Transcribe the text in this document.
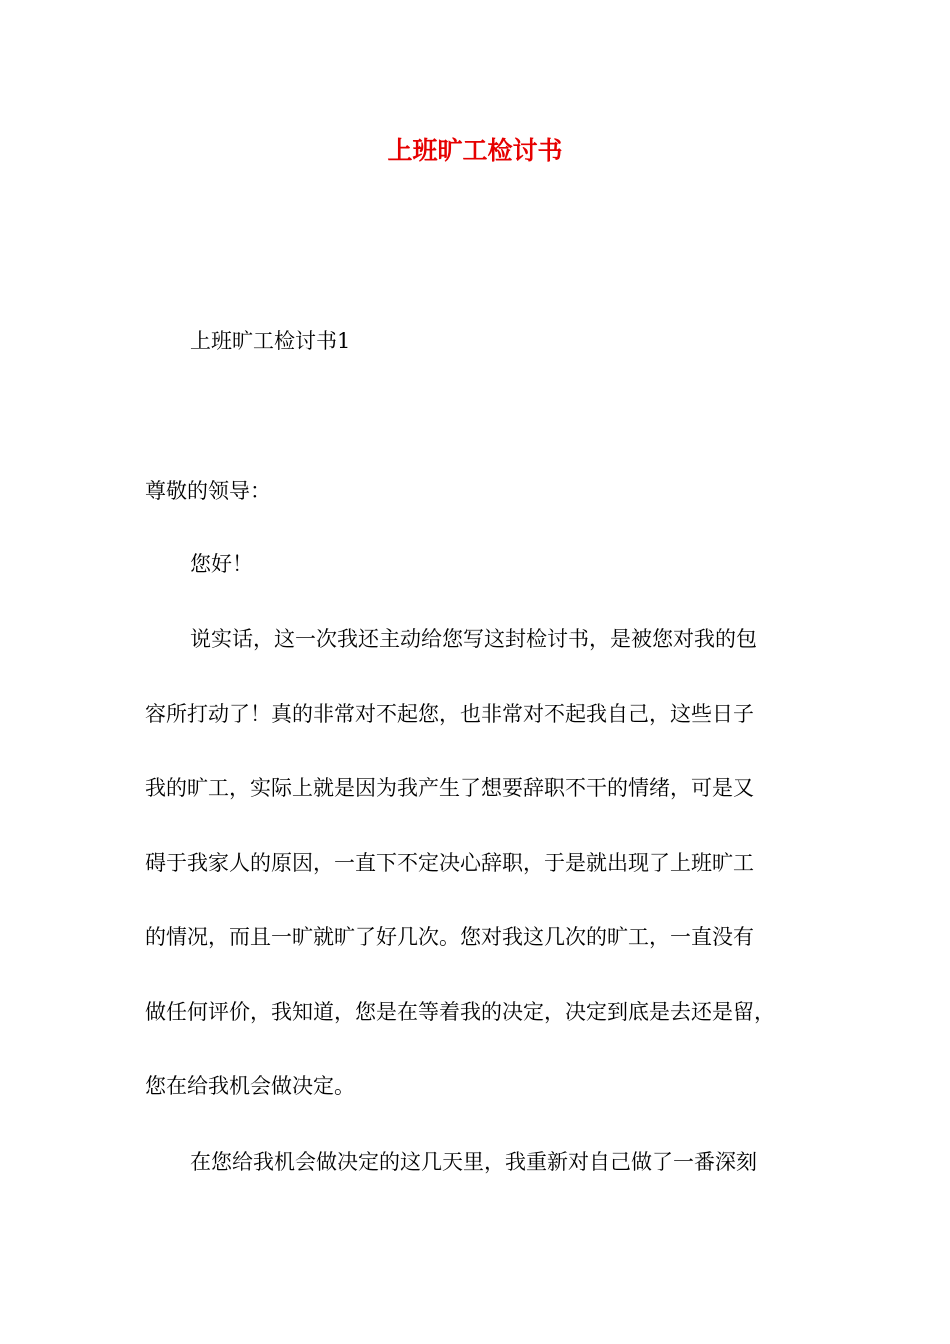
上班旷工检讨书

上班旷工检讨书1

尊敬的领导：

您好！

说实话，这一次我还主动给您写这封检讨书，是被您对我的包

容所打动了！真的非常对不起您，也非常对不起我自己，这些日子

我的旷工，实际上就是因为我产生了想要辞职不干的情绪，可是又

碍于我家人的原因，一直下不定决心辞职，于是就出现了上班旷工

的情况，而且一旷就旷了好几次。您对我这几次的旷工，一直没有

做任何评价，我知道，您是在等着我的决定，决定到底是去还是留，

您在给我机会做决定。

在您给我机会做决定的这几天里，我重新对自己做了一番深刻
